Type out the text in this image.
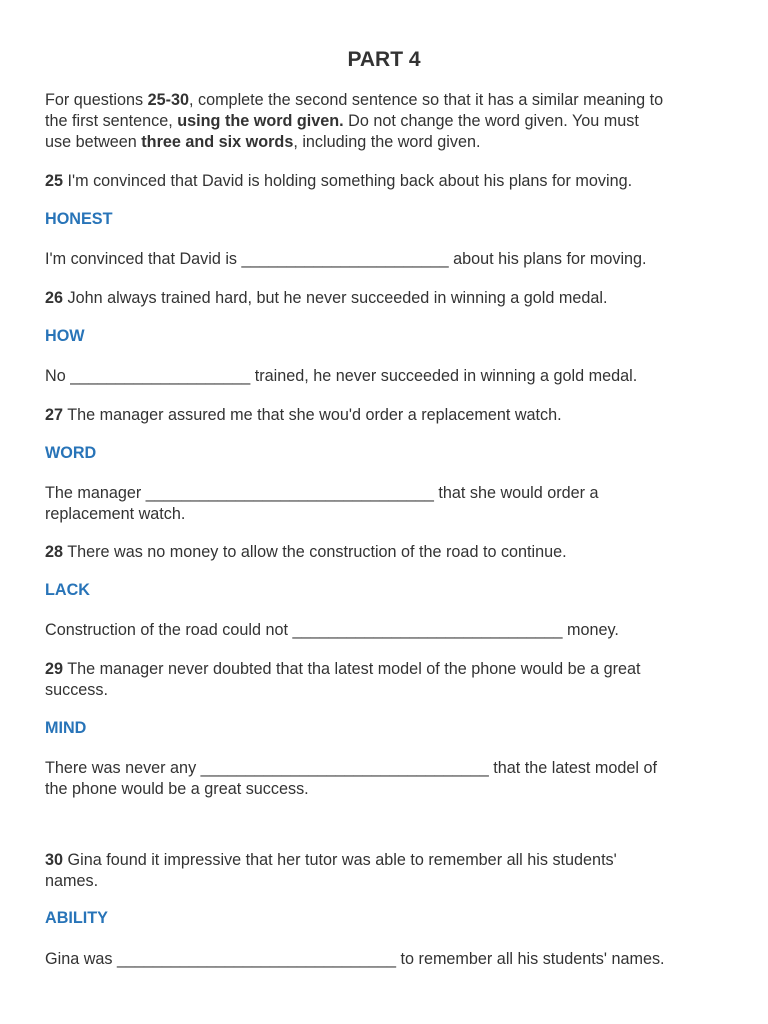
PART 4

For questions 25-30, complete the second sentence so that it has a similar meaning to
the first sentence, using the word given. Do not change the word given. You must
use between three and six words, including the word given.

25 I'm convinced that David is holding something back about his plans for moving.

HONEST

I'm convinced that David is _______________________ about his plans for moving.

26 John always trained hard, but he never succeeded in winning a gold medal.

HOW

No ____________________ trained, he never succeeded in winning a gold medal.

27 The manager assured me that she wou'd order a replacement watch.

WORD

The manager ________________________________ that she would order a
replacement watch.

28 There was no money to allow the construction of the road to continue.

LACK

Construction of the road could not ______________________________ money.

29 The manager never doubted that tha latest model of the phone would be a great
success.

MIND

There was never any ________________________________ that the latest model of
the phone would be a great success.

30 Gina found it impressive that her tutor was able to remember all his students'
names.

ABILITY

Gina was _______________________________ to remember all his students' names.
